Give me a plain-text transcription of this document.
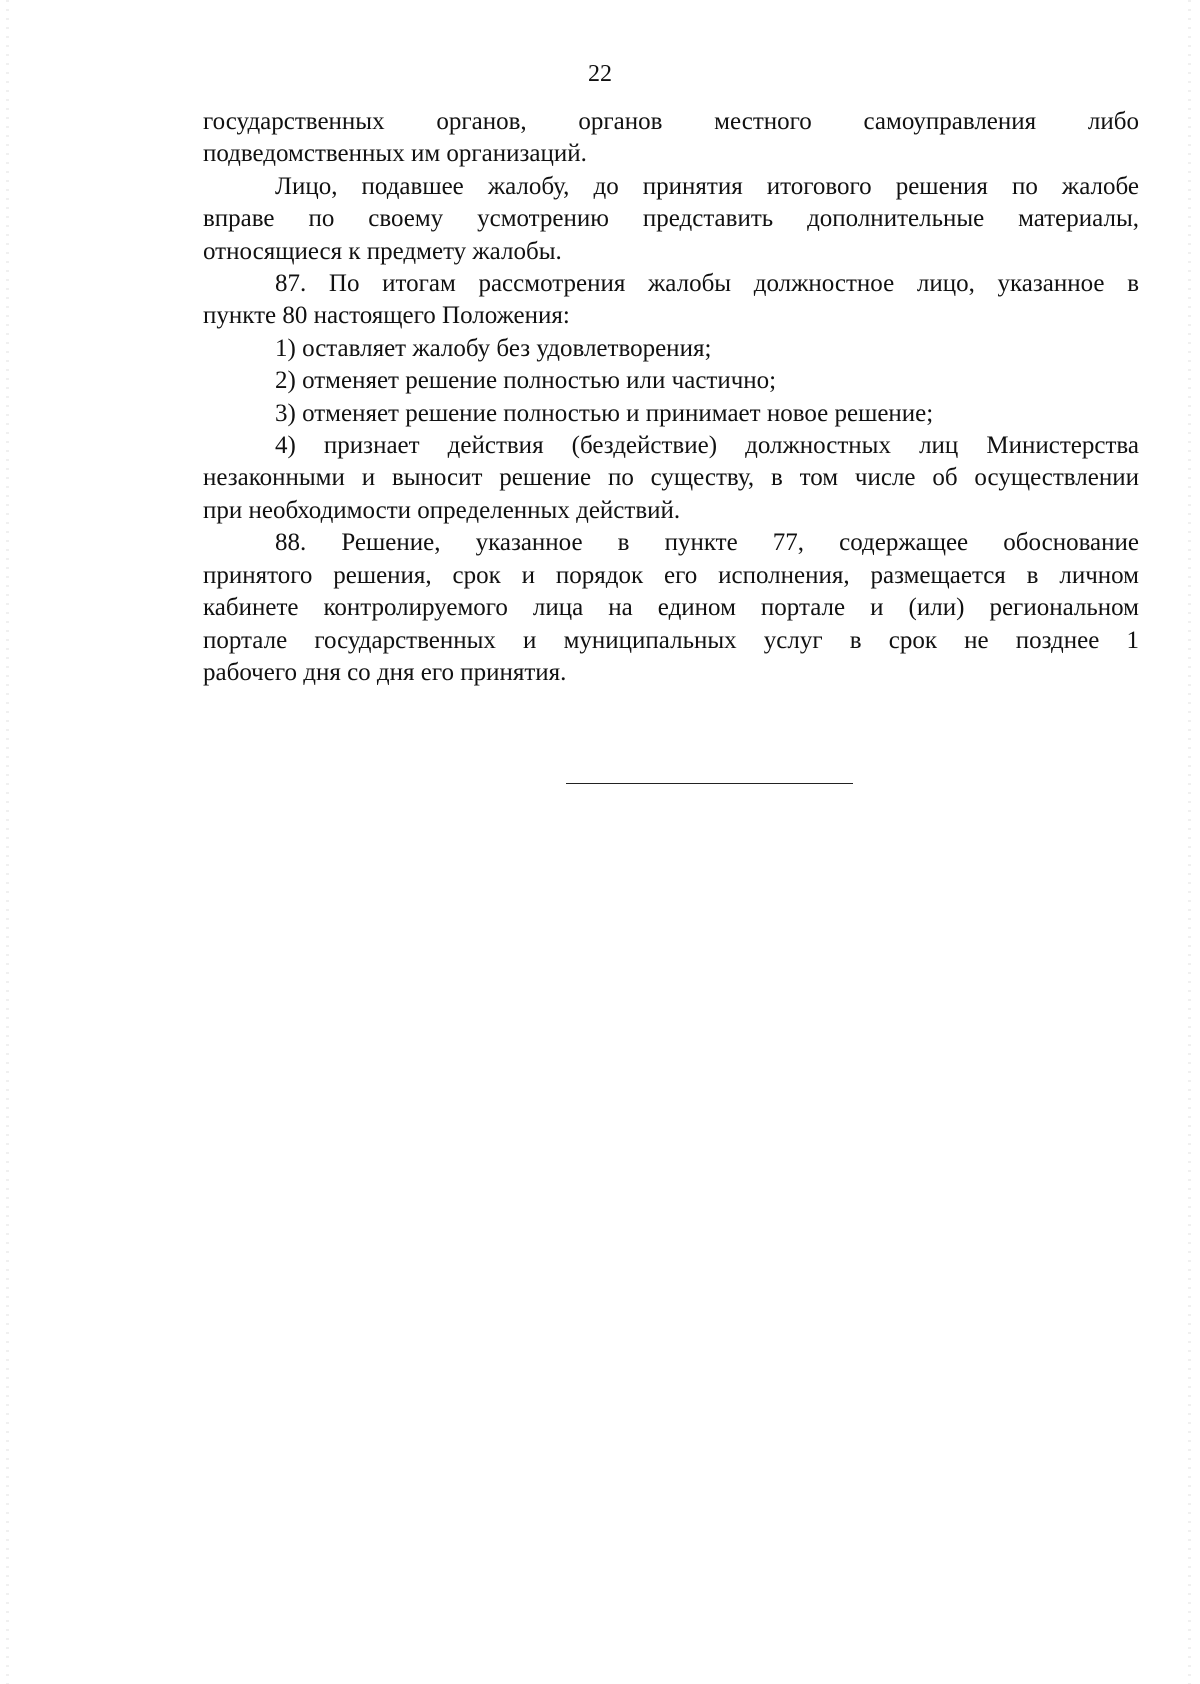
22

государственных органов, органов местного самоуправления либо
подведомственных им организаций.

Лицо, подавшее жалобу, до принятия итогового решения по жалобе
вправе по своему усмотрению представить дополнительные материалы,
относящиеся к предмету жалобы.

87. По итогам рассмотрения жалобы должностное лицо, указанное в
пункте 80 настоящего Положения:

1) оставляет жалобу без удовлетворения;

2) отменяет решение полностью или частично;

3) отменяет решение полностью и принимает новое решение;

4) признает действия (бездействие) должностных лиц Министерства
незаконными и выносит решение по существу, в том числе об осуществлении
при необходимости определенных действий.

88. Решение, указанное в пункте 77, содержащее обоснование
принятого решения, срок и порядок его исполнения, размещается в личном
кабинете контролируемого лица на едином портале и (или) региональном
портале государственных и муниципальных услуг в срок не позднее 1
рабочего дня со дня его принятия.
